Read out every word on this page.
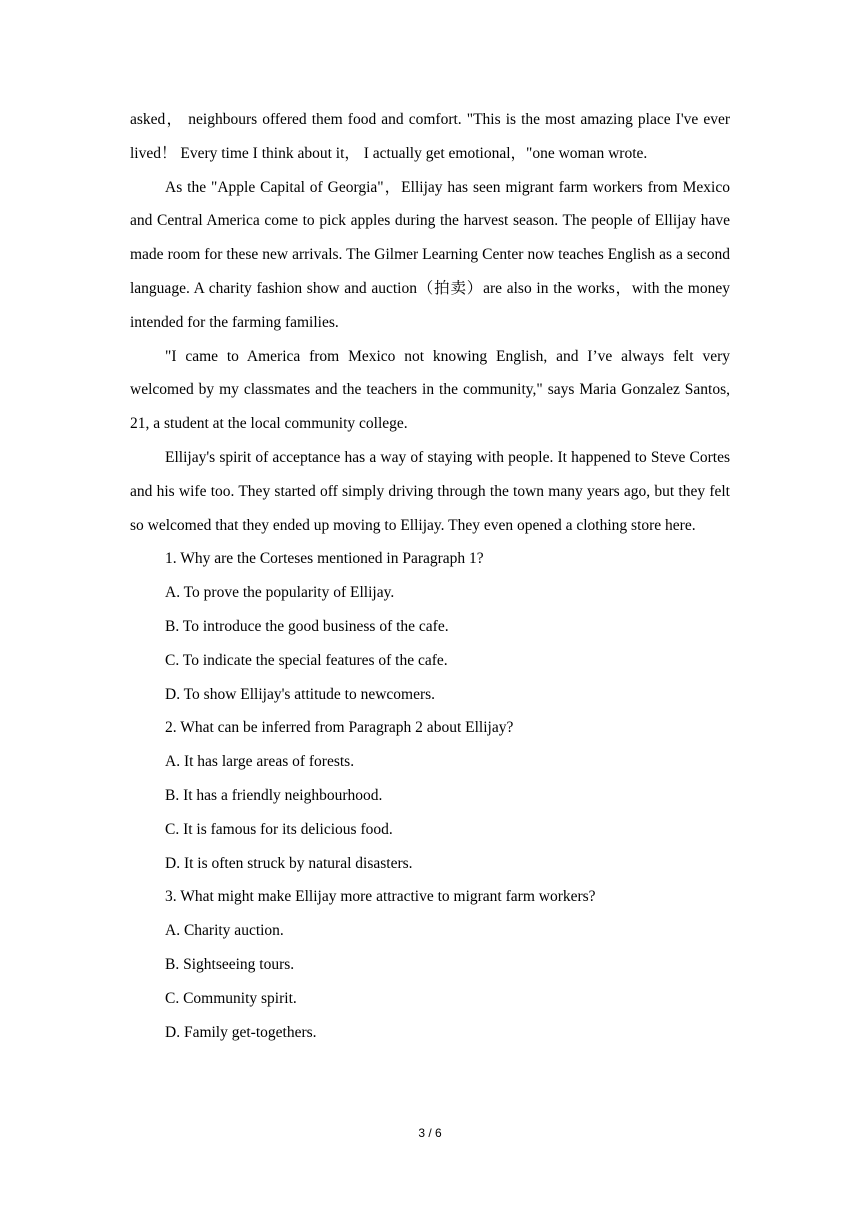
asked， neighbours offered them food and comfort. "This is the most amazing place I've ever lived！ Every time I think about it， I actually get emotional，"one woman wrote.

As the "Apple Capital of Georgia"，Ellijay has seen migrant farm workers from Mexico and Central America come to pick apples during the harvest season. The people of Ellijay have made room for these new arrivals. The Gilmer Learning Center now teaches English as a second language. A charity fashion show and auction（拍卖）are also in the works，with the money intended for the farming families.

"I came to America from Mexico not knowing English, and I’ve always felt very welcomed by my classmates and the teachers in the community," says Maria Gonzalez Santos, 21, a student at the local community college.

Ellijay's spirit of acceptance has a way of staying with people. It happened to Steve Cortes and his wife too. They started off simply driving through the town many years ago, but they felt so welcomed that they ended up moving to Ellijay. They even opened a clothing store here.

1. Why are the Corteses mentioned in Paragraph 1?

A. To prove the popularity of Ellijay.

B. To introduce the good business of the cafe.

C. To indicate the special features of the cafe.

D. To show Ellijay's attitude to newcomers.

2. What can be inferred from Paragraph 2 about Ellijay?

A. It has large areas of forests.

B. It has a friendly neighbourhood.

C. It is famous for its delicious food.

D. It is often struck by natural disasters.

3. What might make Ellijay more attractive to migrant farm workers?

A. Charity auction.

B. Sightseeing tours.

C. Community spirit.

D. Family get-togethers.

3 / 6
